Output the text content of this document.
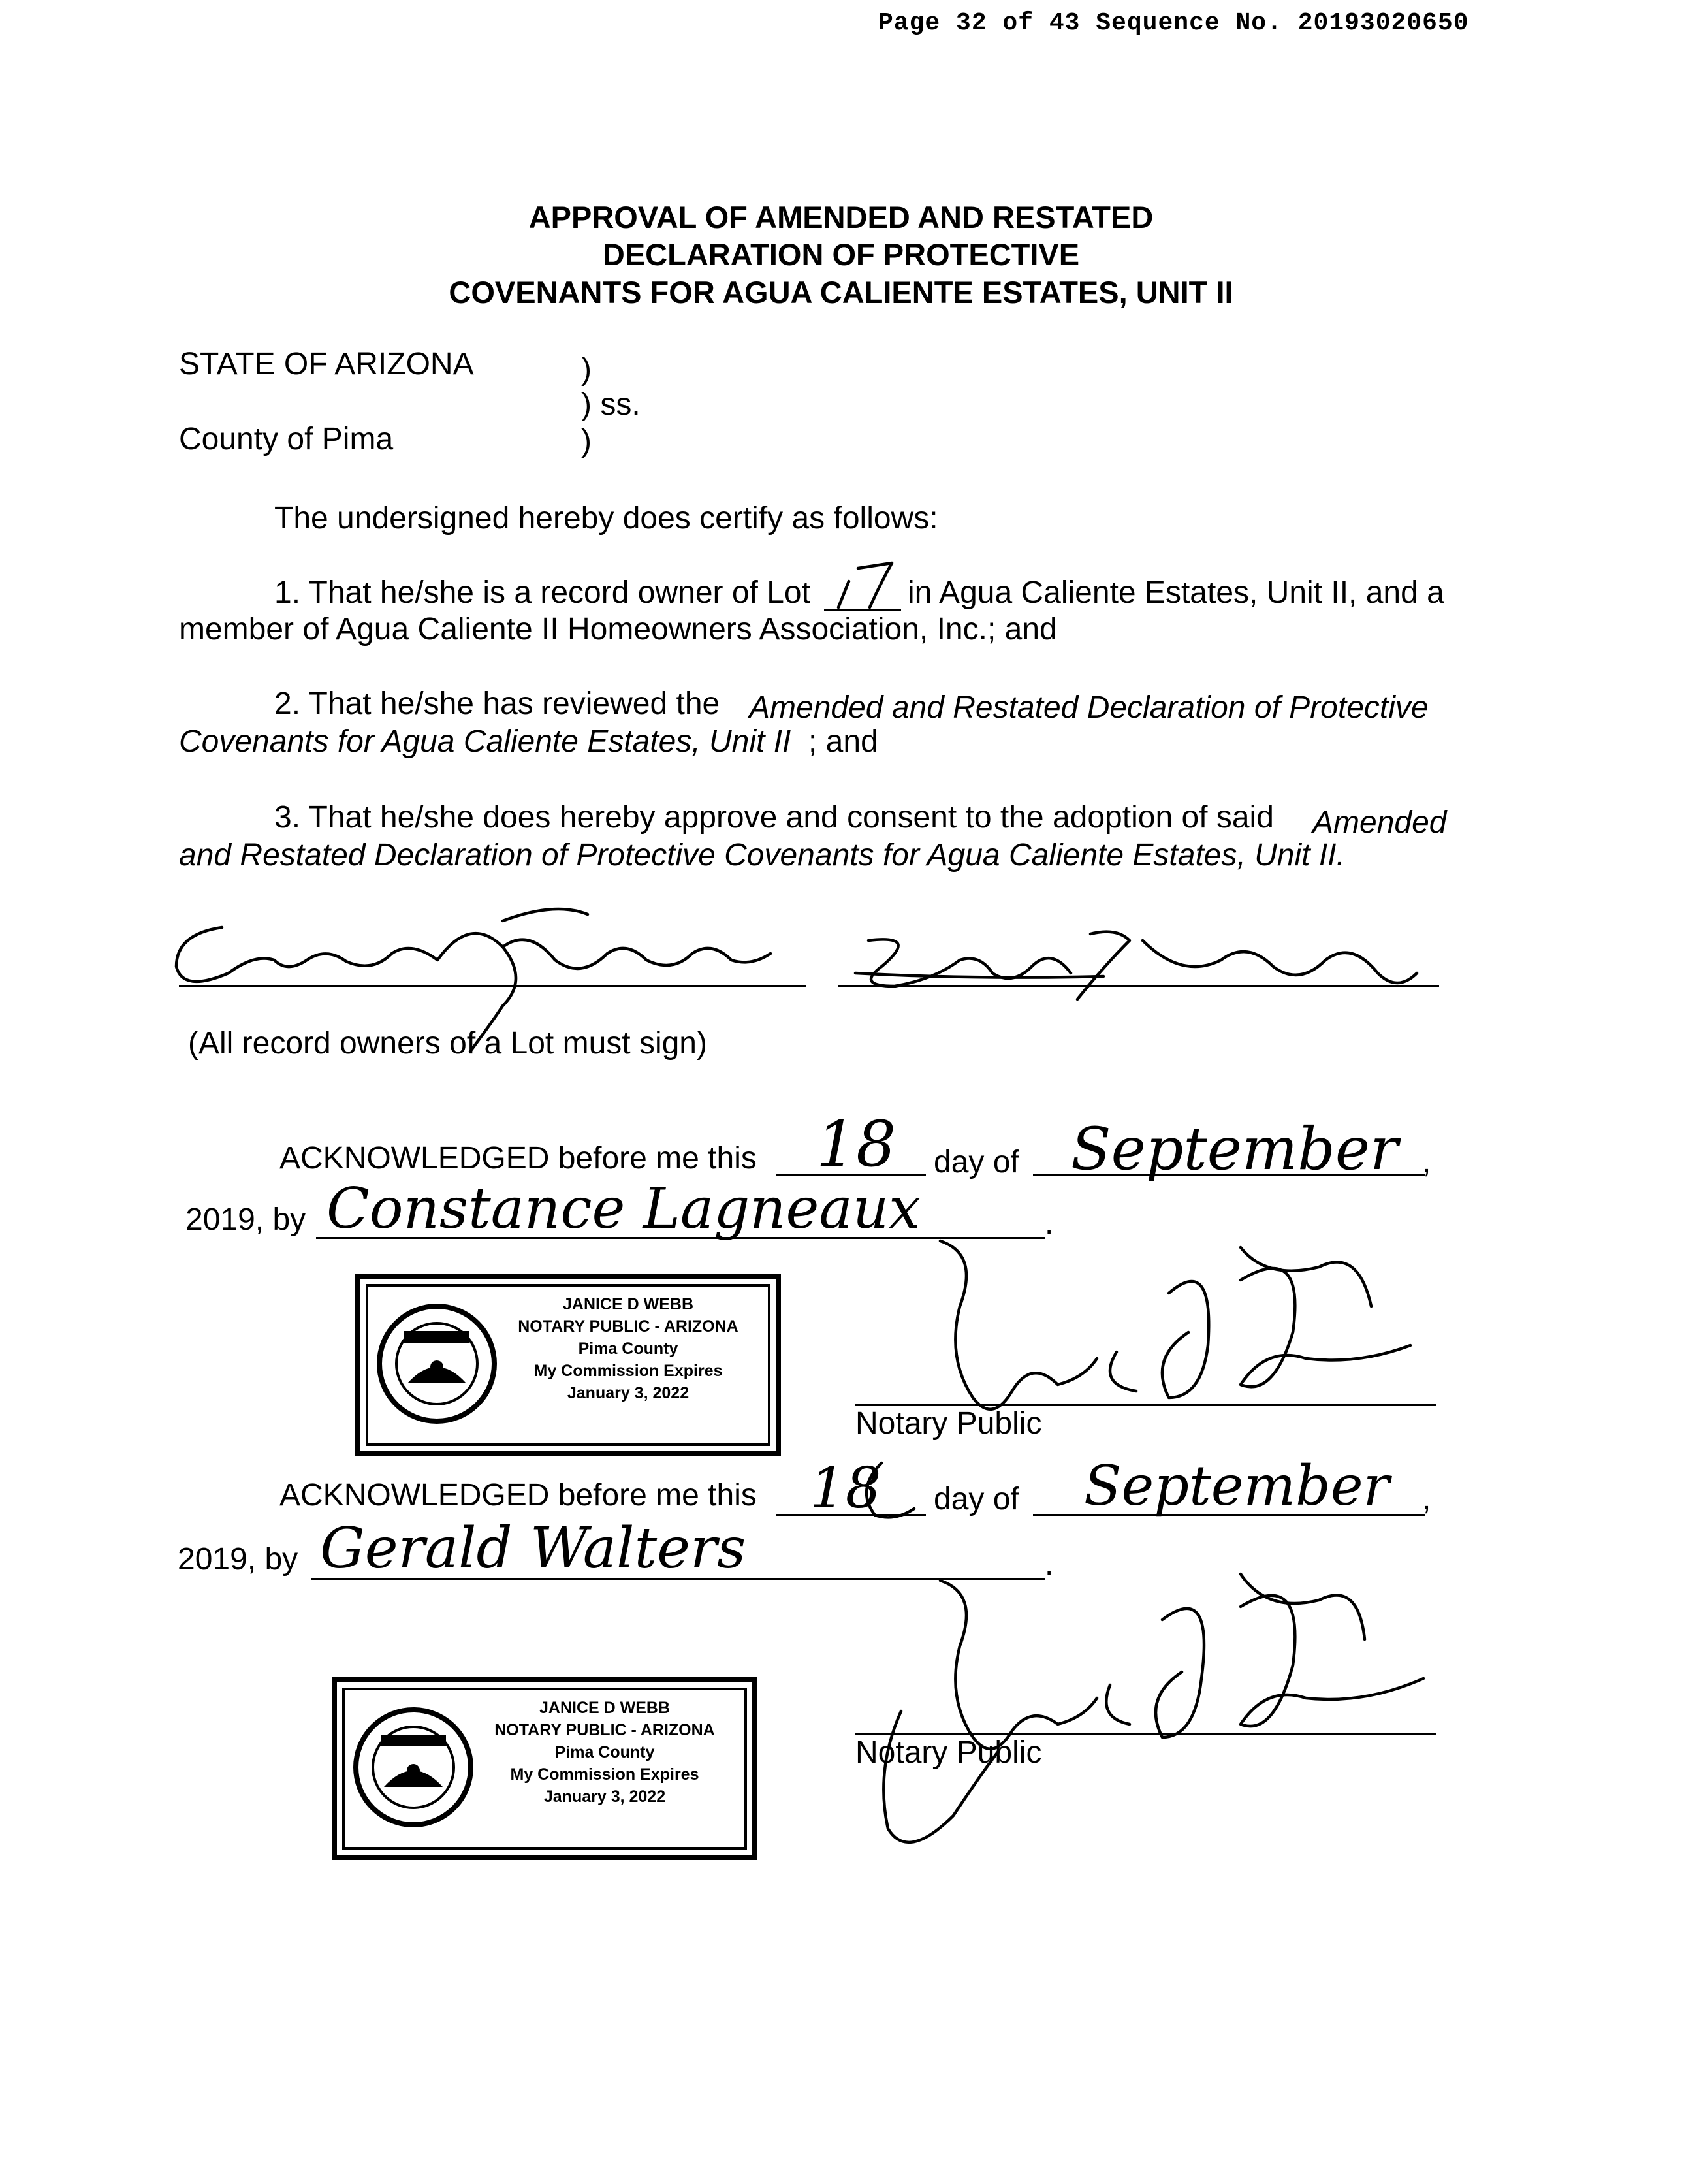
Page 32 of 43 Sequence No. 20193020650
APPROVAL OF AMENDED AND RESTATED
DECLARATION OF PROTECTIVE
COVENANTS FOR AGUA CALIENTE ESTATES, UNIT II
STATE OF ARIZONA	)
) ss.
County of Pima	)
The undersigned hereby does certify as follows:
1. That he/she is a record owner of Lot	in Agua Caliente Estates, Unit II, and a
member of Agua Caliente II Homeowners Association, Inc.; and
2. That he/she has reviewed the Amended and Restated Declaration of Protective
Covenants for Agua Caliente Estates, Unit II ; and
3. That he/she does hereby approve and consent to the adoption of said Amended
and Restated Declaration of Protective Covenants for Agua Caliente Estates, Unit II.
(All record owners of a Lot must sign)
ACKNOWLEDGED before me this 18 day of September ,
2019, by Constance Lagneaux	.
JANICE D WEBB
NOTARY PUBLIC - ARIZONA
Pima County
My Commission Expires
January 3, 2022
Notary Public
ACKNOWLEDGED before me this 18 day of September ,
2019, by Gerald Walters	.
JANICE D WEBB
NOTARY PUBLIC - ARIZONA
Pima County
My Commission Expires
January 3, 2022
Notary Public
